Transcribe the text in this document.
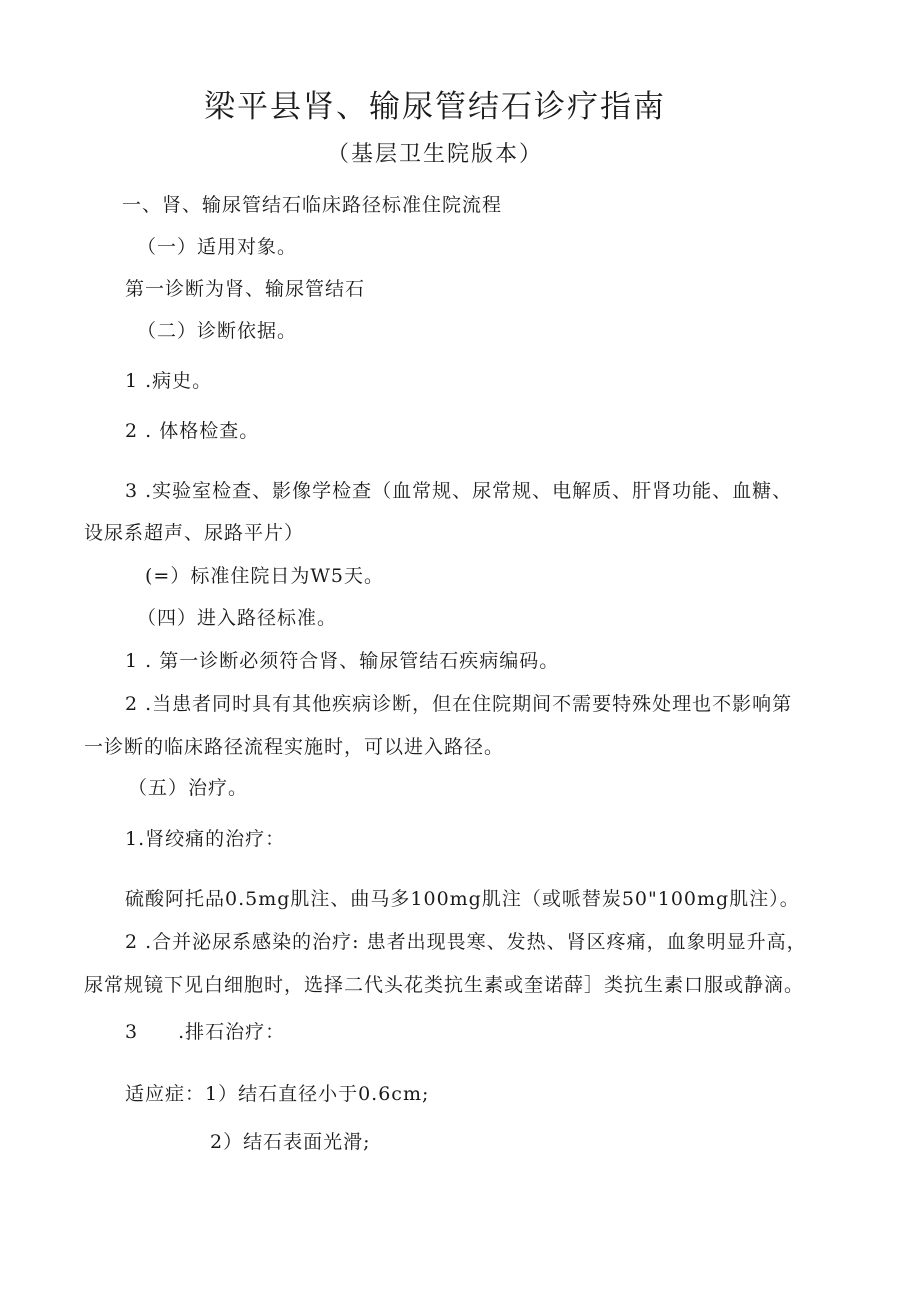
梁平县肾、输尿管结石诊疗指南
（基层卫生院版本）
一、肾、输尿管结石临床路径标准住院流程
（一）适用对象。
第一诊断为肾、输尿管结石
（二）诊断依据。
1 .病史。
2 . 体格检查。
3 .实验室检查、影像学检查（血常规、尿常规、电解质、肝肾功能、血糖、
设尿系超声、尿路平片）
(=）标准住院日为W5天。
（四）进入路径标准。
1 . 第一诊断必须符合肾、输尿管结石疾病编码。
2 .当患者同时具有其他疾病诊断，但在住院期间不需要特殊处理也不影响第
一诊断的临床路径流程实施时，可以进入路径。
（五）治疗。
1.肾绞痛的治疗：
硫酸阿托品0.5mg肌注、曲马多100mg肌注（或哌替炭50"100mg肌注）。
2 .合并泌尿系感染的治疗: 患者出现畏寒、发热、肾区疼痛，血象明显升高，
尿常规镜下见白细胞时，选择二代头花类抗生素或奎诺薛］类抗生素口服或静滴。
3　　.排石治疗：
适应症：1）结石直径小于0.6cm;
2）结石表面光滑;
